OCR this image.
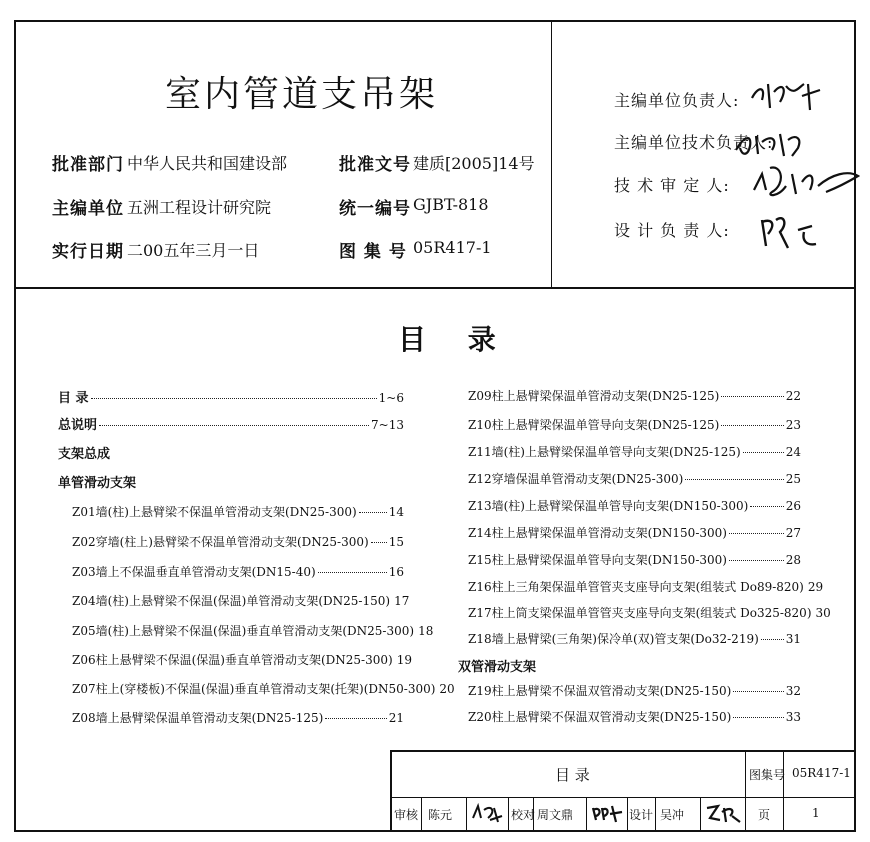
室内管道支吊架
批准部门 中华人民共和国建设部
主编单位 五洲工程设计研究院
实行日期 二00五年三月一日
批准文号 建质[2005]14号
统一编号 GJBT-818
图 集 号 05R417-1
主编单位负责人:
主编单位技术负责人:
技 术 审 定 人:
设 计 负 责 人:
目 录
目 录	1~6
总说明	7~13
支架总成
单管滑动支架
Z01墙(柱)上悬臂梁不保温单管滑动支架(DN25-300)	14
Z02穿墙(柱上)悬臂梁不保温单管滑动支架(DN25-300) 15
Z03墙上不保温垂直单管滑动支架(DN15-40)	16
Z04墙(柱)上悬臂梁不保温(保温)单管滑动支架(DN25-150) 17
Z05墙(柱)上悬臂梁不保温(保温)垂直单管滑动支架(DN25-300) 18
Z06柱上悬臂梁不保温(保温)垂直单管滑动支架(DN25-300) 19
Z07柱上(穿楼板)不保温(保温)垂直单管滑动支架(托架)(DN50-300) 20
Z08墙上悬臂梁保温单管滑动支架(DN25-125)	21
Z09柱上悬臂梁保温单管滑动支架(DN25-125)	22
Z10柱上悬臂梁保温单管导向支架(DN25-125)	23
Z11墙(柱)上悬臂梁保温单管导向支架(DN25-125)	24
Z12穿墙保温单管滑动支架(DN25-300)	25
Z13墙(柱)上悬臂梁保温单管导向支架(DN150-300)	26
Z14柱上悬臂梁保温单管滑动支架(DN150-300)	27
Z15柱上悬臂梁保温单管导向支架(DN150-300)	28
Z16柱上三角架保温单管管夹支座导向支架(组装式 Do89-820) 29
Z17柱上筒支梁保温单管管夹支座导向支架(组装式 Do325-820) 30
Z18墙上悬臂梁(三角架)保冷单(双)管支架(Do32-219) 31
双管滑动支架
Z19柱上悬臂梁不保温双管滑动支架(DN25-150)	32
Z20柱上悬臂梁不保温双管滑动支架(DN25-150)	33
目 录	图集号 05R417-1
审核 陈元	校对 周文鼎	设计 吴冲	页	1
